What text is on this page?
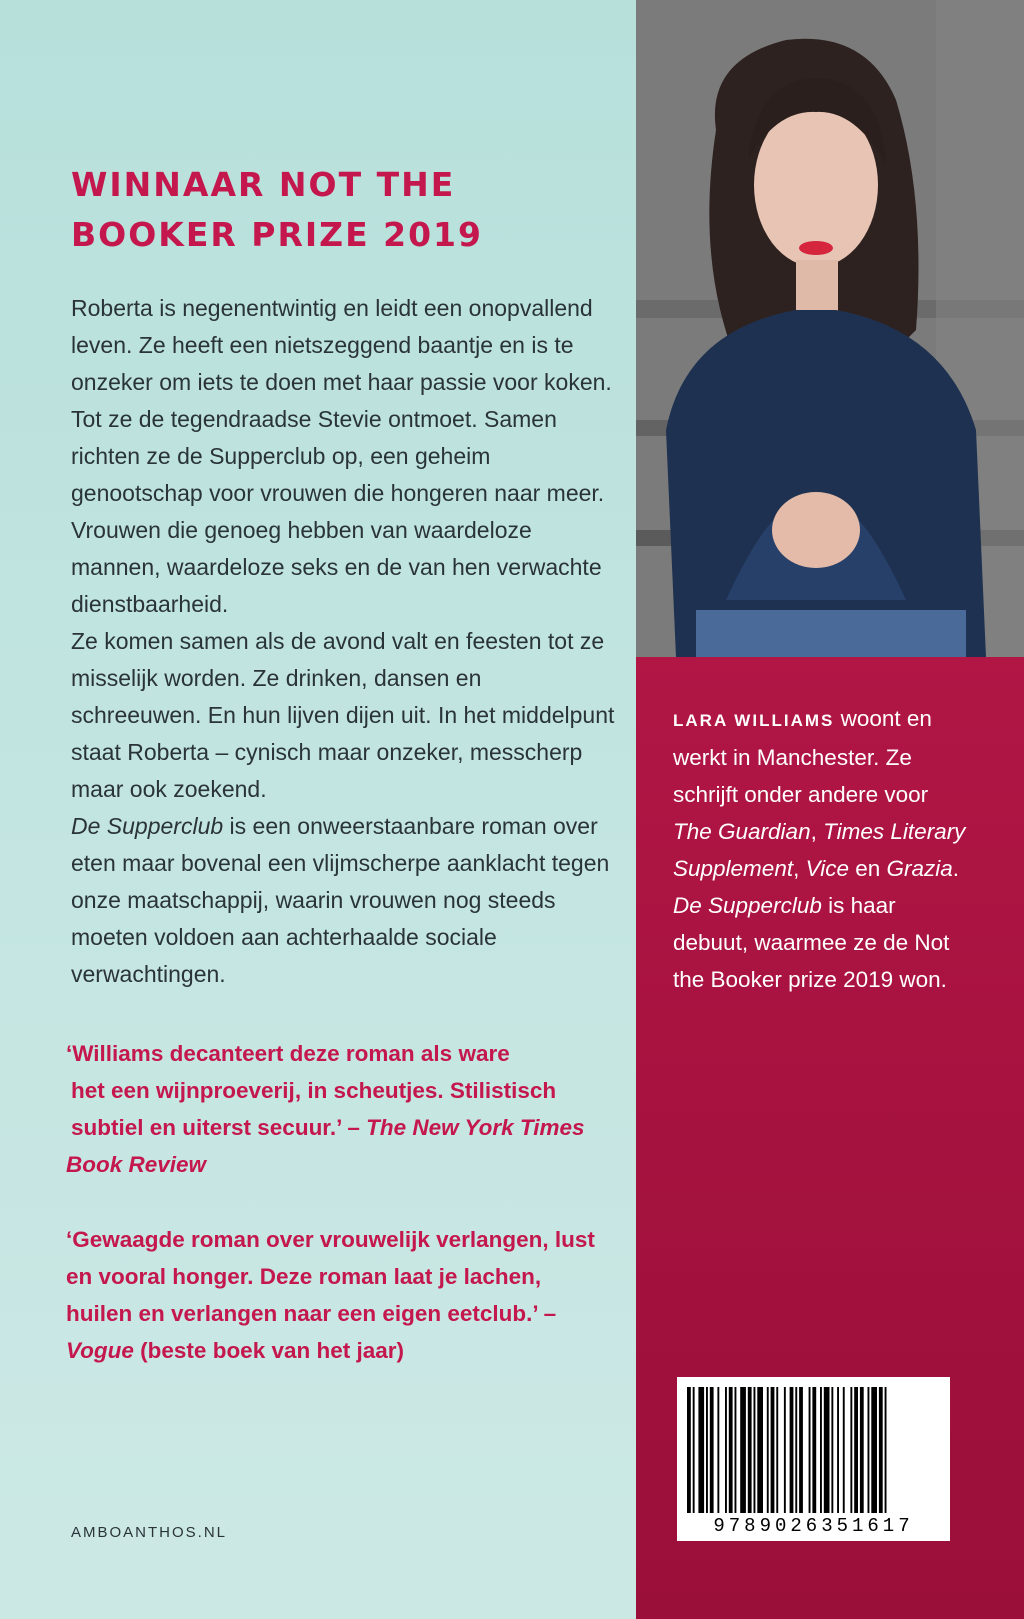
WINNAAR NOT THE
BOOKER PRIZE 2019

Roberta is negenentwintig en leidt een onopvallend leven. Ze heeft een nietszeggend baantje en is te onzeker om iets te doen met haar passie voor koken. Tot ze de tegendraadse Stevie ontmoet. Samen richten ze de Supperclub op, een geheim genootschap voor vrouwen die hongeren naar meer. Vrouwen die genoeg hebben van waardeloze mannen, waardeloze seks en de van hen verwachte dienstbaarheid.

Ze komen samen als de avond valt en feesten tot ze misselijk worden. Ze drinken, dansen en schreeuwen. En hun lijven dijen uit. In het middelpunt staat Roberta – cynisch maar onzeker, messcherp maar ook zoekend.

De Supperclub is een onweerstaanbare roman over eten maar bovenal een vlijmscherpe aanklacht tegen onze maatschappij, waarin vrouwen nog steeds moeten voldoen aan achterhaalde sociale verwachtingen.

‘Williams decanteert deze roman als ware
het een wijnproeverij, in scheutjes. Stilistisch
subtiel en uiterst secuur.’ – The New York Times Book Review
‘Gewaagde roman over vrouwelijk verlangen, lust en vooral honger. Deze roman laat je lachen, huilen en verlangen naar een eigen eetclub.’ – Vogue (beste boek van het jaar)
AMBOANTHOS.NL

LARA WILLIAMS woont en werkt in Manchester. Ze schrijft onder andere voor The Guardian, Times Literary Supplement, Vice en Grazia. De Supperclub is haar debuut, waarmee ze de Not the Booker prize 2019 won.

9789026351617
